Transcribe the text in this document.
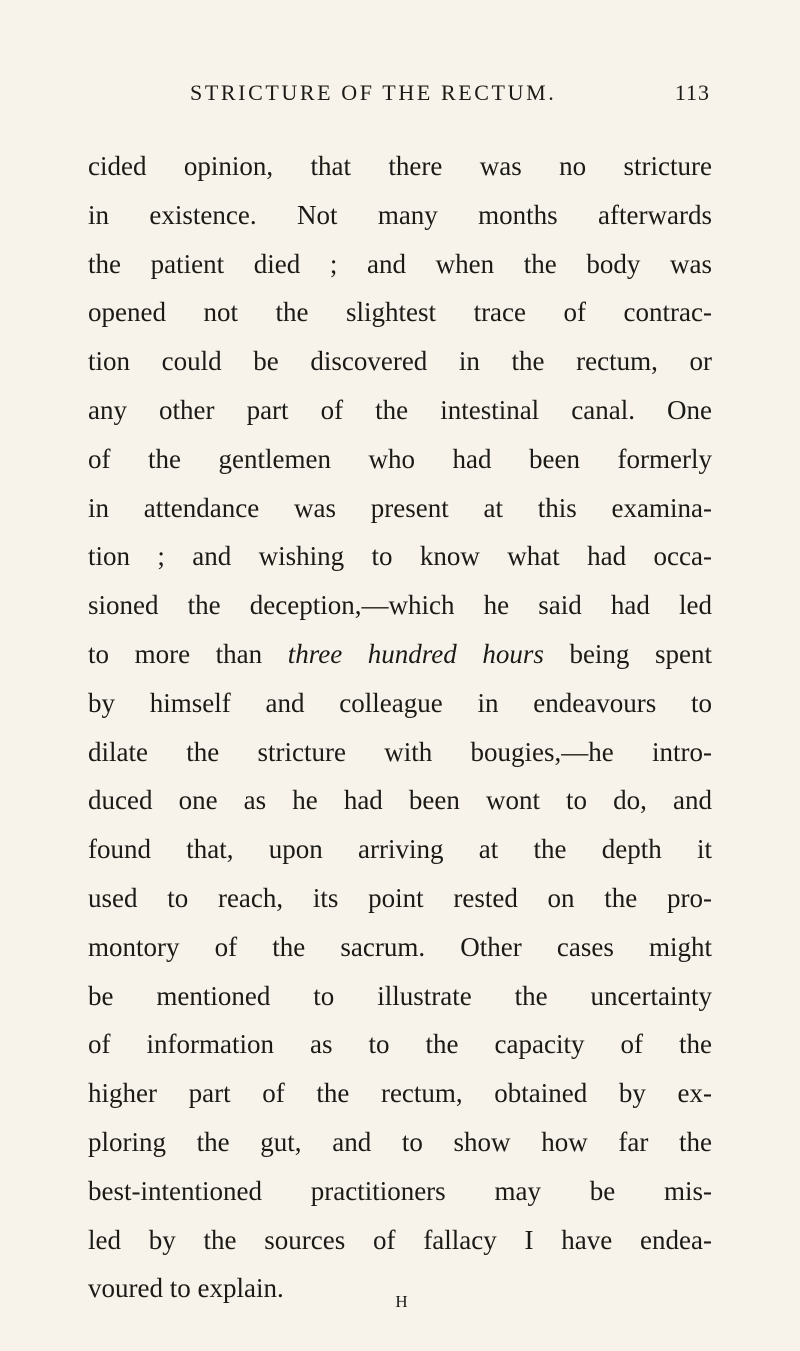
STRICTURE OF THE RECTUM.	113
cided opinion, that there was no stricture
in existence. Not many months afterwards
the patient died ; and when the body was
opened not the slightest trace of contrac-
tion could be discovered in the rectum, or
any other part of the intestinal canal. One
of the gentlemen who had been formerly
in attendance was present at this examina-
tion ; and wishing to know what had occa-
sioned the deception,—which he said had led
to more than three hundred hours being spent
by himself and colleague in endeavours to
dilate the stricture with bougies,—he intro-
duced one as he had been wont to do, and
found that, upon arriving at the depth it
used to reach, its point rested on the pro-
montory of the sacrum. Other cases might
be mentioned to illustrate the uncertainty
of information as to the capacity of the
higher part of the rectum, obtained by ex-
ploring the gut, and to show how far the
best-intentioned practitioners may be mis-
led by the sources of fallacy I have endea-
voured to explain.	H
